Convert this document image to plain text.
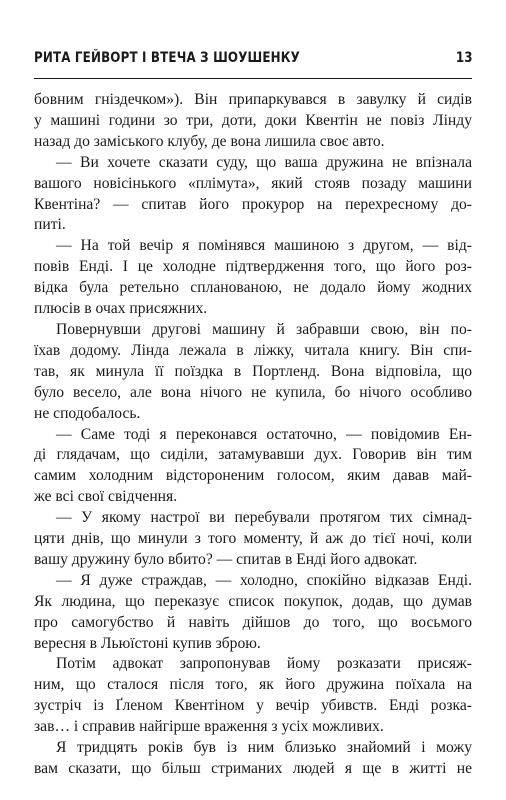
РИТА ГЕЙВОРТ І ВТЕЧА З ШОУШЕНКУ	13

бовним гніздечком»). Він припаркувався в завулку й сидів
у машині години зо три, доти, доки Квентін не повіз Лінду
назад до заміського клубу, де вона лишила своє авто.

— Ви хочете сказати суду, що ваша дружина не впізнала
вашого новісінького «плімута», який стояв позаду машини
Квентіна? — спитав його прокурор на перехресному до-
питі.

— На той вечір я помінявся машиною з другом, — від-
повів Енді. І це холодне підтвердження того, що його роз-
відка була ретельно спланованою, не додало йому жодних
плюсів в очах присяжних.

Повернувши другові машину й забравши свою, він по-
їхав додому. Лінда лежала в ліжку, читала книгу. Він спи-
тав, як минула її поїздка в Портленд. Вона відповіла, що
було весело, але вона нічого не купила, бо нічого особливо
не сподобалось.

— Саме тоді я переконався остаточно, — повідомив Ен-
ді глядачам, що сиділи, затамувавши дух. Говорив він тим
самим холодним відстороненим голосом, яким давав май-
же всі свої свідчення.

— У якому настрої ви перебували протягом тих сімнад-
цяти днів, що минули з того моменту, й аж до тієї ночі, коли
вашу дружину було вбито? — спитав в Енді його адвокат.

— Я дуже страждав, — холодно, спокійно відказав Енді.
Як людина, що переказує список покупок, додав, що думав
про самогубство й навіть дійшов до того, що восьмого
вересня в Льюїстоні купив зброю.

Потім адвокат запропонував йому розказати присяж-
ним, що сталося після того, як його дружина поїхала на
зустріч із Ґленом Квентіном у вечір убивств. Енді розка-
зав… і справив найгірше враження з усіх можливих.

Я тридцять років був із ним близько знайомий і можу
вам сказати, що більш стриманих людей я ще в житті не
